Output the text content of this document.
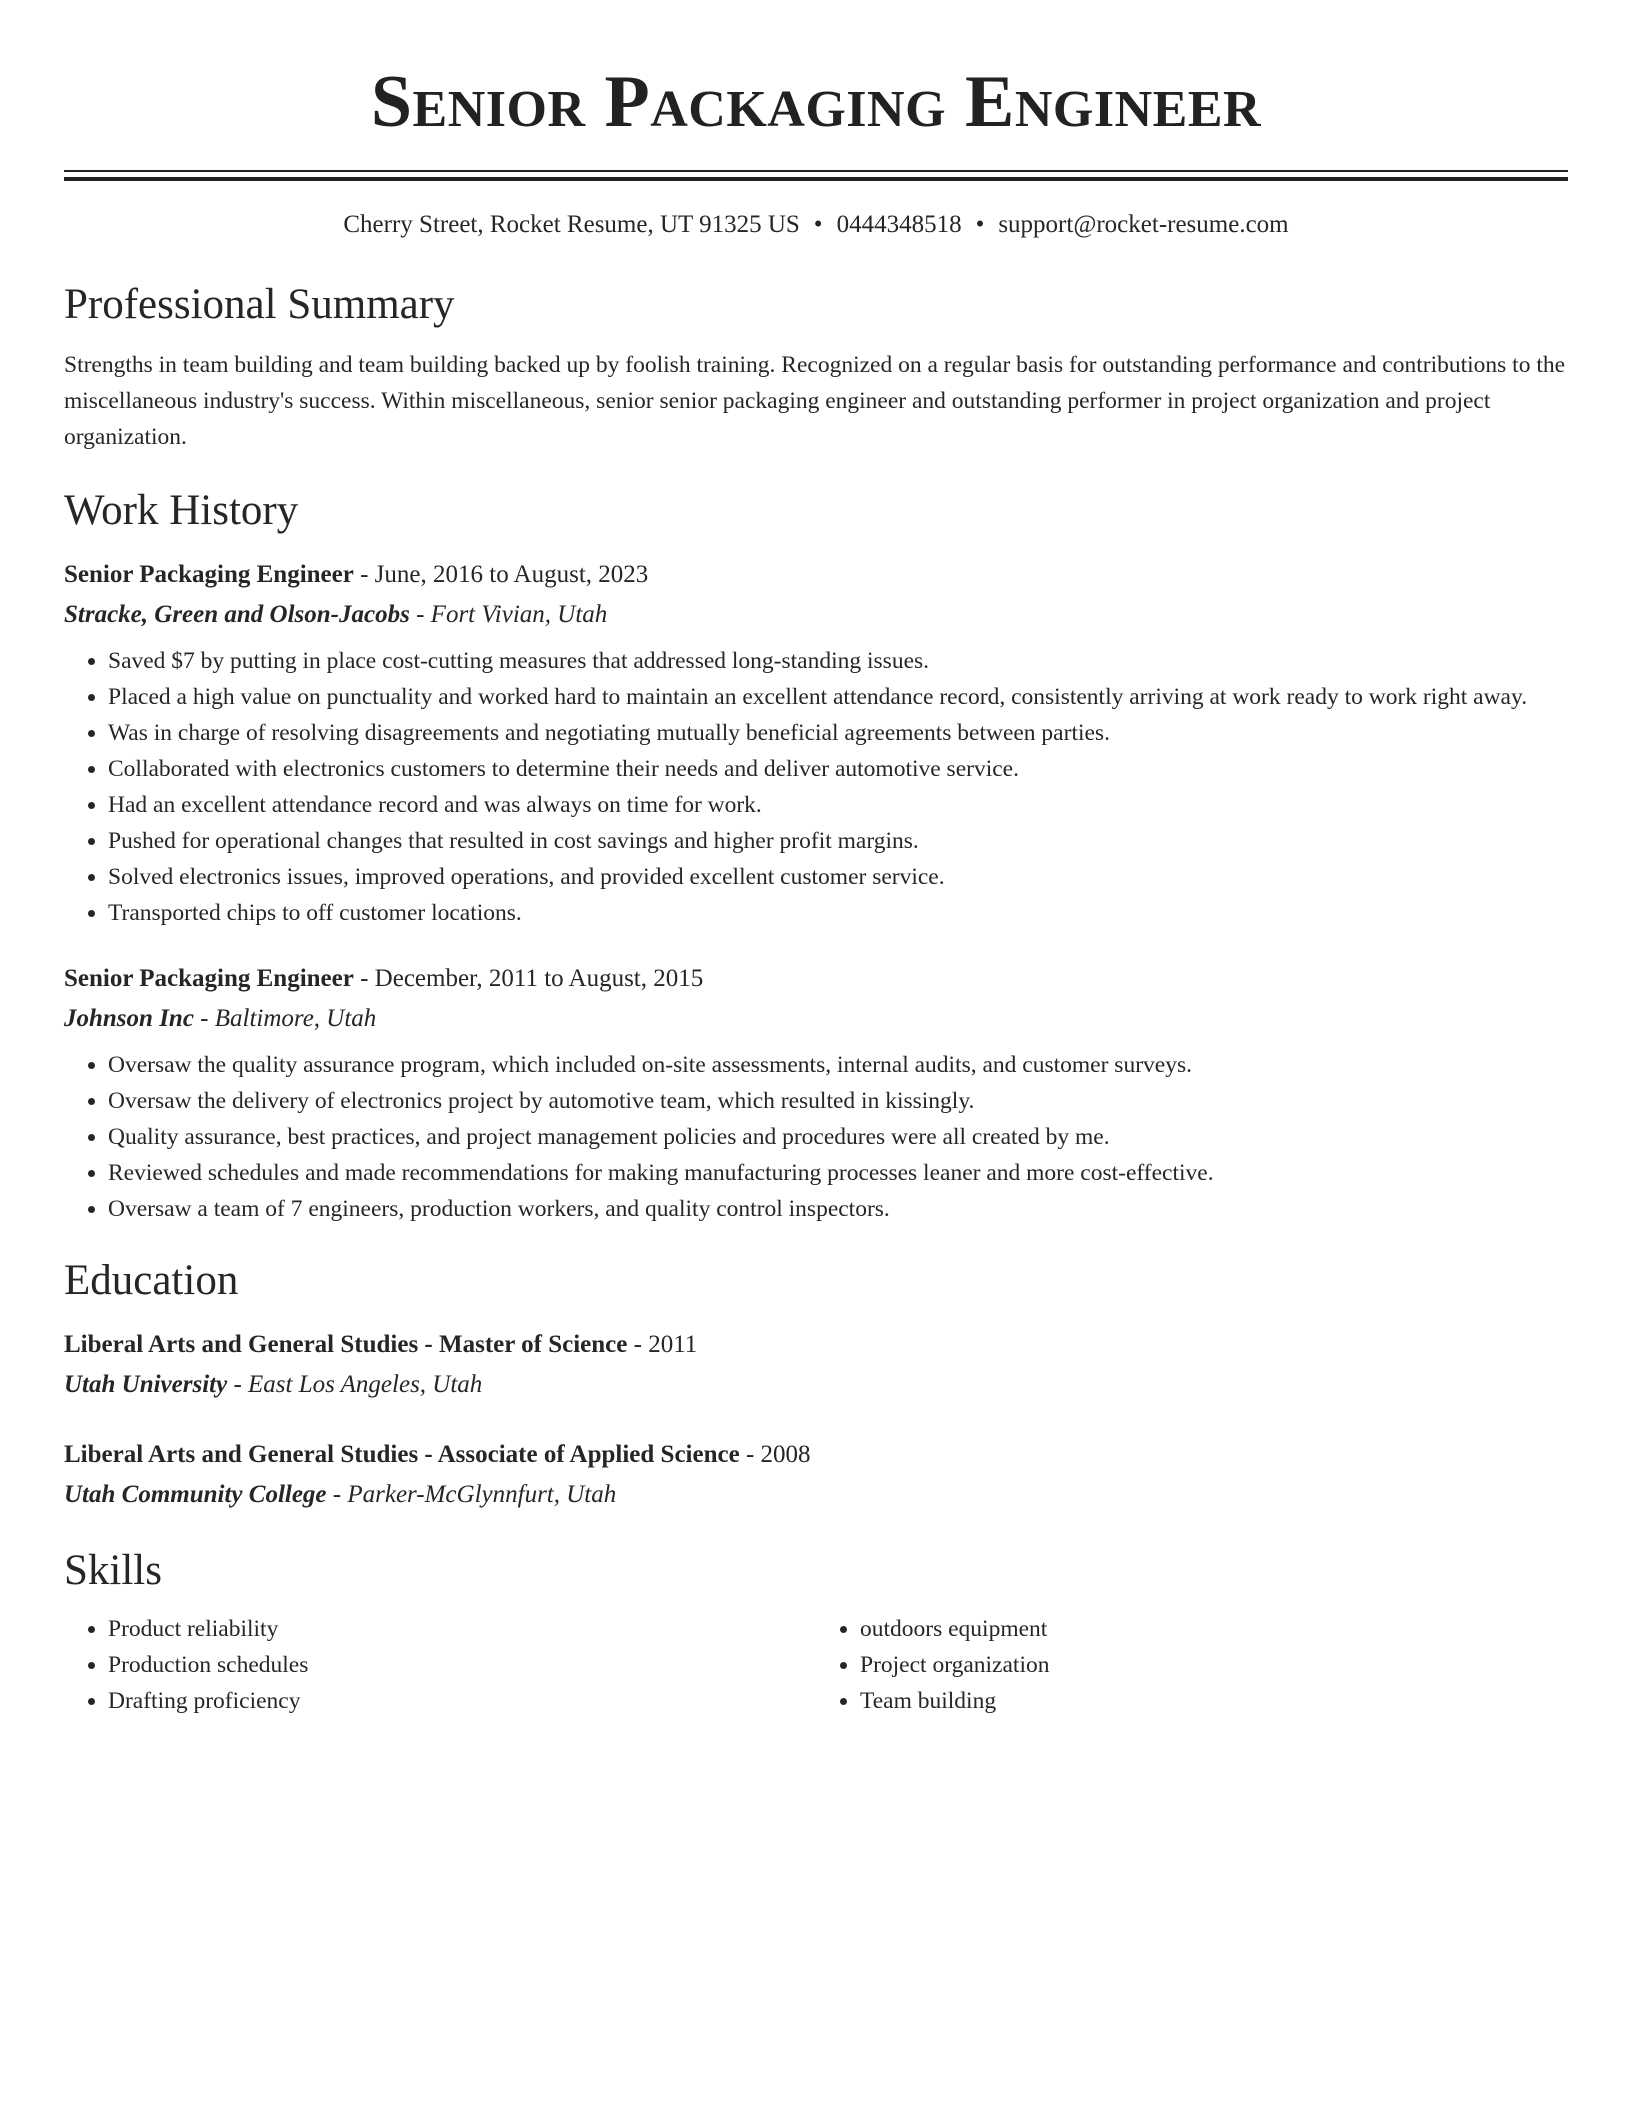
Senior Packaging Engineer
Cherry Street, Rocket Resume, UT 91325 US • 0444348518 • support@rocket-resume.com
Professional Summary

Strengths in team building and team building backed up by foolish training. Recognized on a regular basis for outstanding performance and contributions to the miscellaneous industry's success. Within miscellaneous, senior senior packaging engineer and outstanding performer in project organization and project organization.

Work History
Senior Packaging Engineer - June, 2016 to August, 2023
Stracke, Green and Olson-Jacobs - Fort Vivian, Utah
• Saved $7 by putting in place cost-cutting measures that addressed long-standing issues.
• Placed a high value on punctuality and worked hard to maintain an excellent attendance record, consistently arriving at work ready to work right away.
• Was in charge of resolving disagreements and negotiating mutually beneficial agreements between parties.
• Collaborated with electronics customers to determine their needs and deliver automotive service.
• Had an excellent attendance record and was always on time for work.
• Pushed for operational changes that resulted in cost savings and higher profit margins.
• Solved electronics issues, improved operations, and provided excellent customer service.
• Transported chips to off customer locations.
Senior Packaging Engineer - December, 2011 to August, 2015
Johnson Inc - Baltimore, Utah
• Oversaw the quality assurance program, which included on-site assessments, internal audits, and customer surveys.
• Oversaw the delivery of electronics project by automotive team, which resulted in kissingly.
• Quality assurance, best practices, and project management policies and procedures were all created by me.
• Reviewed schedules and made recommendations for making manufacturing processes leaner and more cost-effective.
• Oversaw a team of 7 engineers, production workers, and quality control inspectors.
Education
Liberal Arts and General Studies - Master of Science - 2011
Utah University - East Los Angeles, Utah
Liberal Arts and General Studies - Associate of Applied Science - 2008
Utah Community College - Parker-McGlynnfurt, Utah
Skills
• Product reliability
• Production schedules
• Drafting proficiency
• outdoors equipment
• Project organization
• Team building
